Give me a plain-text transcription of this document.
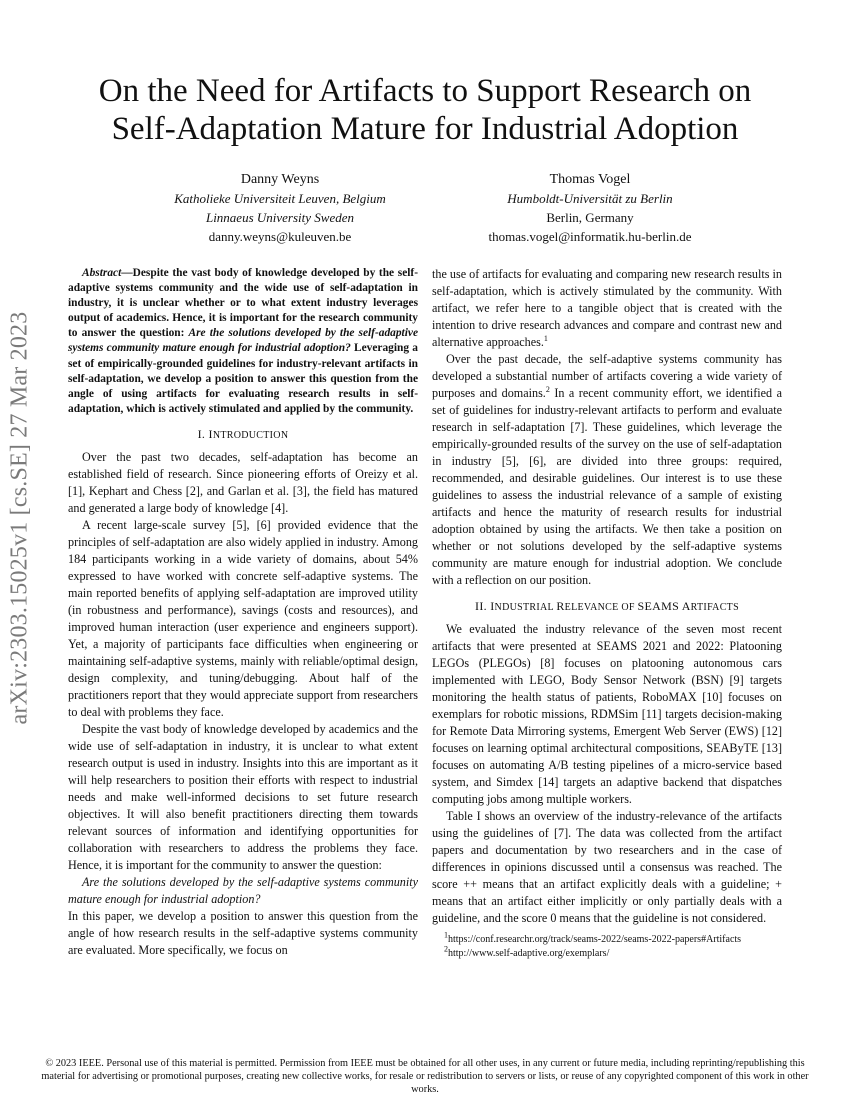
arXiv:2303.15025v1 [cs.SE] 27 Mar 2023
On the Need for Artifacts to Support Research on
Self-Adaptation Mature for Industrial Adoption
Danny Weyns
Katholieke Universiteit Leuven, Belgium
Linnaeus University Sweden
danny.weyns@kuleuven.be
Thomas Vogel
Humboldt-Universität zu Berlin
Berlin, Germany
thomas.vogel@informatik.hu-berlin.de

Abstract—Despite the vast body of knowledge developed by the self-adaptive systems community and the wide use of self-adaptation in industry, it is unclear whether or to what extent industry leverages output of academics. Hence, it is important for the research community to answer the question: Are the solutions developed by the self-adaptive systems community mature enough for industrial adoption? Leveraging a set of empirically-grounded guidelines for industry-relevant artifacts in self-adaptation, we develop a position to answer this question from the angle of using artifacts for evaluating research results in self-adaptation, which is actively stimulated and applied by the community.

I. INTRODUCTION

Over the past two decades, self-adaptation has become an established field of research. Since pioneering efforts of Oreizy et al. [1], Kephart and Chess [2], and Garlan et al. [3], the field has matured and generated a large body of knowledge [4].

A recent large-scale survey [5], [6] provided evidence that the principles of self-adaptation are also widely applied in industry. Among 184 participants working in a wide variety of domains, about 54% expressed to have worked with concrete self-adaptive systems. The main reported benefits of applying self-adaptation are improved utility (in robustness and performance), savings (costs and resources), and improved human interaction (user experience and engineers support). Yet, a majority of participants face difficulties when engineering or maintaining self-adaptive systems, mainly with reliable/optimal design, design complexity, and tuning/debugging. About half of the practitioners report that they would appreciate support from researchers to deal with problems they face.

Despite the vast body of knowledge developed by academics and the wide use of self-adaptation in industry, it is unclear to what extent research output is used in industry. Insights into this are important as it will help researchers to position their efforts with respect to industrial needs and make well-informed decisions to set future research objectives. It will also benefit practitioners directing them towards relevant sources of information and identifying opportunities for collaboration with researchers to address the problems they face. Hence, it is important for the community to answer the question:

Are the solutions developed by the self-adaptive systems community mature enough for industrial adoption?

In this paper, we develop a position to answer this question from the angle of how research results in the self-adaptive systems community are evaluated. More specifically, we focus on

the use of artifacts for evaluating and comparing new research results in self-adaptation, which is actively stimulated by the community. With artifact, we refer here to a tangible object that is created with the intention to drive research advances and compare and contrast new and alternative approaches.$^1$

Over the past decade, the self-adaptive systems community has developed a substantial number of artifacts covering a wide variety of purposes and domains.$^2$ In a recent community effort, we identified a set of guidelines for industry-relevant artifacts to perform and evaluate research in self-adaptation [7]. These guidelines, which leverage the empirically-grounded results of the survey on the use of self-adaptation in industry [5], [6], are divided into three groups: required, recommended, and desirable guidelines. Our interest is to use these guidelines to assess the industrial relevance of a sample of existing artifacts and hence the maturity of research results for industrial adoption obtained by using the artifacts. We then take a position on whether or not solutions developed by the self-adaptive systems community are mature enough for industrial adoption. We conclude with a reflection on our position.

II. INDUSTRIAL RELEVANCE OF SEAMS ARTIFACTS

We evaluated the industry relevance of the seven most recent artifacts that were presented at SEAMS 2021 and 2022: Platooning LEGOs (PLEGOs) [8] focuses on platooning autonomous cars implemented with LEGO, Body Sensor Network (BSN) [9] targets monitoring the health status of patients, RoboMAX [10] focuses on exemplars for robotic missions, RDMSim [11] targets decision-making for Remote Data Mirroring systems, Emergent Web Server (EWS) [12] focuses on learning optimal architectural compositions, SEAByTE [13] focuses on automating A/B testing pipelines of a micro-service based system, and Simdex [14] targets an adaptive backend that dispatches computing jobs among multiple workers.

Table I shows an overview of the industry-relevance of the artifacts using the guidelines of [7]. The data was collected from the artifact papers and documentation by two researchers and in the case of differences in opinions discussed until a consensus was reached. The score ++ means that an artifact explicitly deals with a guideline; + means that an artifact either implicitly or only partially deals with a guideline, and the score 0 means that the guideline is not considered.

$^1$https://conf.researchr.org/track/seams-2022/seams-2022-papers#Artifacts
$^2$http://www.self-adaptive.org/exemplars/
© 2023 IEEE. Personal use of this material is permitted. Permission from IEEE must be obtained for all other uses, in any current or future media, including reprinting/republishing this material for advertising or promotional purposes, creating new collective works, for resale or redistribution to servers or lists, or reuse of any copyrighted component of this work in other works.
